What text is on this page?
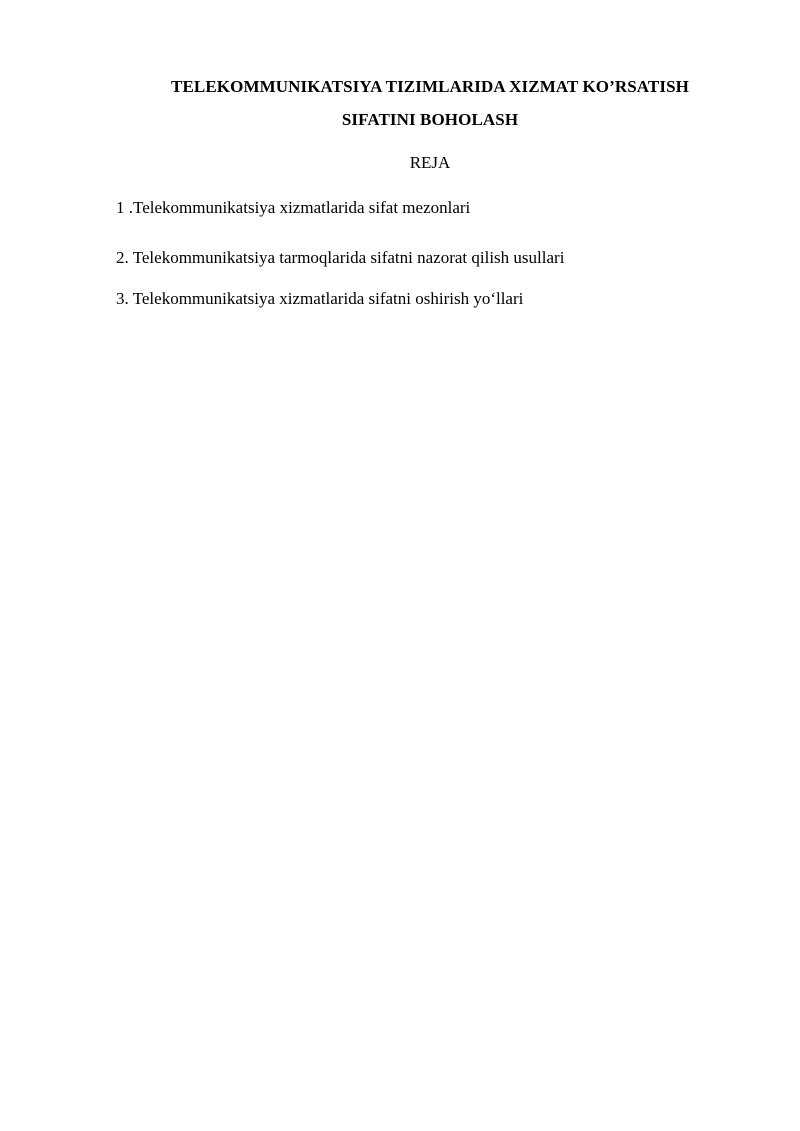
TELEKOMMUNIKATSIYA TIZIMLARIDA XIZMAT KO’RSATISH
SIFATINI BOHOLASH
REJA
1 .Telekommunikatsiya xizmatlarida sifat mezonlari
2. Telekommunikatsiya tarmoqlarida sifatni nazorat qilish usullari
3. Telekommunikatsiya xizmatlarida sifatni oshirish yo‘llari
